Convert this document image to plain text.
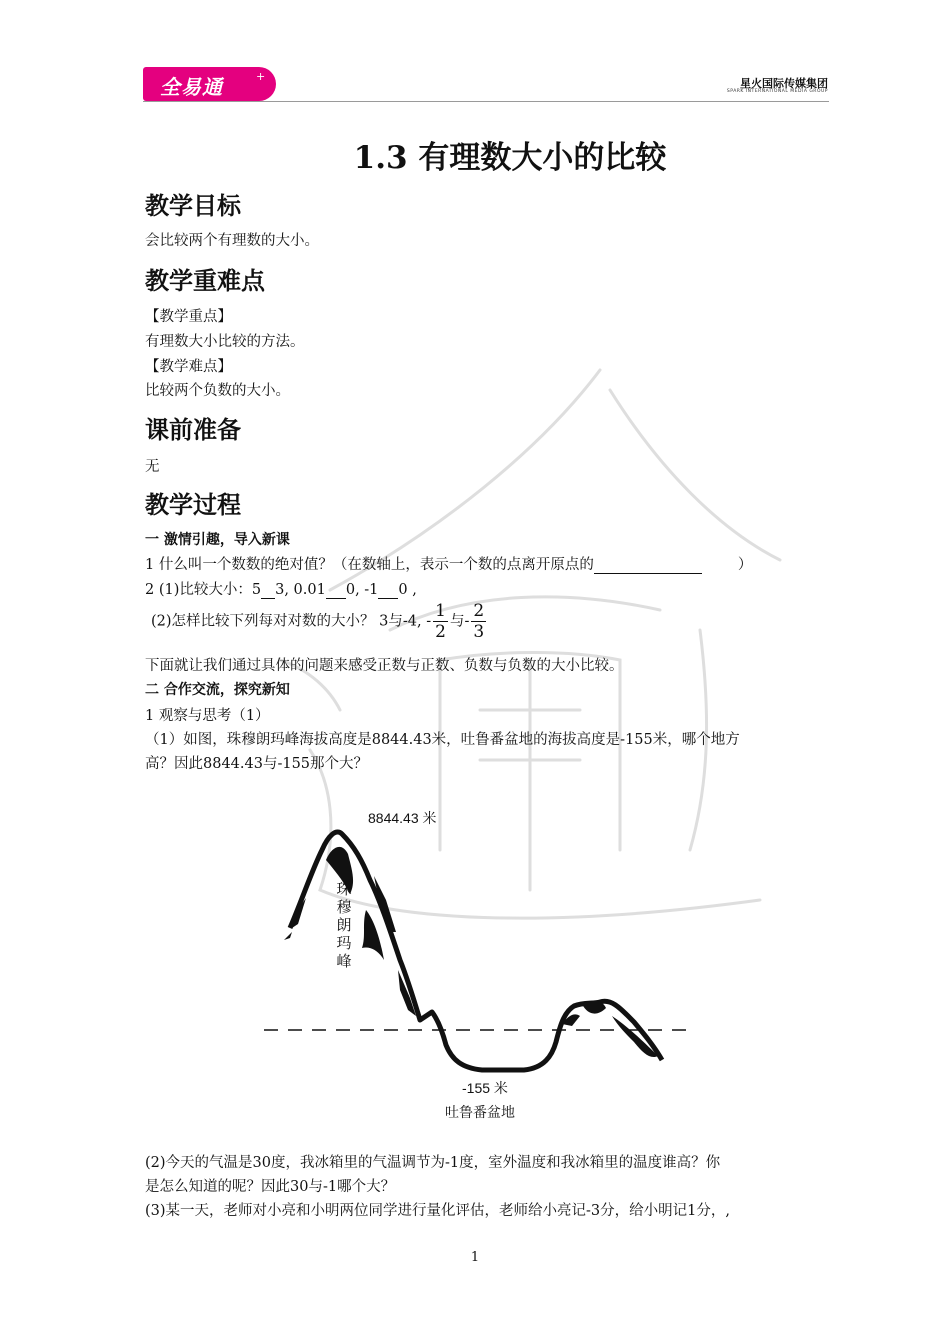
全易通	+
星火国际传媒集团
SPARK INTERNATIONAL MEDIA GROUP
1.3 有理数大小的比较
教学目标
会比较两个有理数的大小。
教学重难点
【教学重点】
有理数大小比较的方法。
【教学难点】
比较两个负数的大小。
课前准备
无
教学过程
一 激情引趣，导入新课
1 什么叫一个数数的绝对值？（在数轴上，表示一个数的点离开原点的	）
2 (1)比较大小：5 3, 0.01 0, -1 0 ,
(2)怎样比较下列每对对数的大小？ 3与-4, - $\frac{1}{2}$ 与- $\frac{2}{3}$
下面就让我们通过具体的问题来感受正数与正数、负数与负数的大小比较。
二 合作交流，探究新知
1 观察与思考（1）
（1）如图，珠穆朗玛峰海拔高度是8844.43米，吐鲁番盆地的海拔高度是-155米，哪个地方
高？因此8844.43与-155那个大？
8844.43 米
珠
穆
朗
玛
峰
-155 米
吐鲁番盆地
(2)今天的气温是30度，我冰箱里的气温调节为-1度，室外温度和我冰箱里的温度谁高？你
是怎么知道的呢？因此30与-1哪个大？
(3)某一天，老师对小亮和小明两位同学进行量化评估，老师给小亮记-3分，给小明记1分，,
1
